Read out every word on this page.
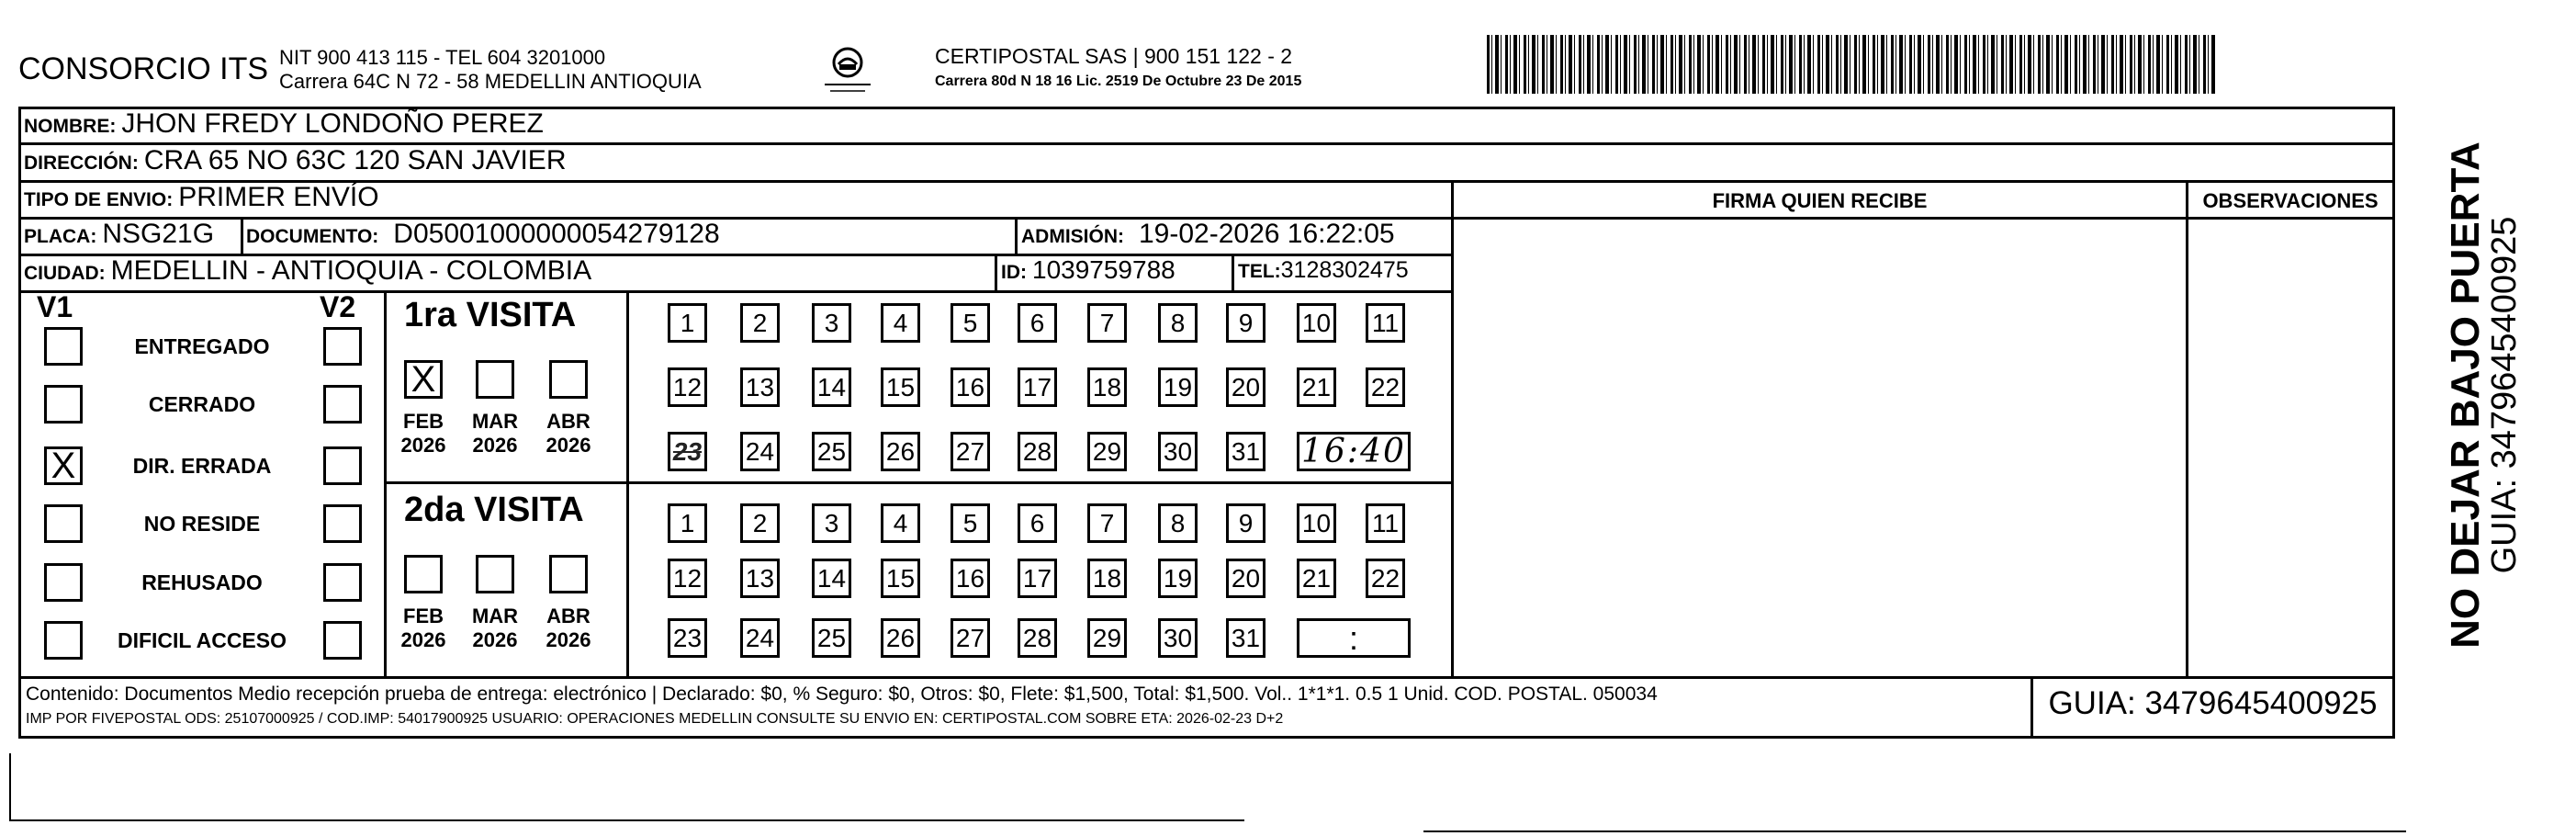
CONSORCIO ITS NIT 900 413 115 - TEL 604 3201000
Carrera 64C N 72 - 58 MEDELLIN ANTIOQUIA
CERTIPOSTAL SAS | 900 151 122 - 2
Carrera 80d N 18 16 Lic. 2519 De Octubre 23 De 2015
NOMBRE: JHON FREDY LONDOÑO PEREZ
DIRECCIÓN: CRA 65 NO 63C 120 SAN JAVIER
TIPO DE ENVIO: PRIMER ENVÍO	FIRMA QUIEN RECIBE	OBSERVACIONES
PLACA: NSG21G DOCUMENTO: D05001000000054279128	ADMISIÓN: 19-02-2026 16:22:05
CIUDAD: MEDELLIN - ANTIOQUIA - COLOMBIA	ID: 1039759788	TEL: 3128302475
V1	V2
ENTREGADO
CERRADO
X	DIR. ERRADA
NO RESIDE
REHUSADO
DIFICIL ACCESO
1ra VISITA
X
FEB
2026
MAR
2026
ABR
2026
1	2	3	4	5	6	7	8	9	10 11
12 13 14 15 16 17 18 19 20 21 22
23 24 25 26 27 28 29 30 31 16:40
2da VISITA
FEB
2026
MAR
2026
ABR
2026
1	2	3	4	5	6	7	8	9	10 11
12 13 14 15 16 17 18 19 20 21 22
23 24 25 26 27 28 29 30 31	:
Contenido: Documentos Medio recepción prueba de entrega: electrónico | Declarado: $0, % Seguro: $0, Otros: $0, Flete: $1,500, Total: $1,500. Vol.. 1*1*1. 0.5 1 Unid. COD. POSTAL. 050034
IMP POR FIVEPOSTAL ODS: 25107000925 / COD.IMP: 54017900925 USUARIO: OPERACIONES MEDELLIN CONSULTE SU ENVIO EN: CERTIPOSTAL.COM SOBRE ETA: 2026-02-23 D+2	GUIA: 3479645400925
NO DEJAR BAJO PUERTA
GUIA: 3479645400925
